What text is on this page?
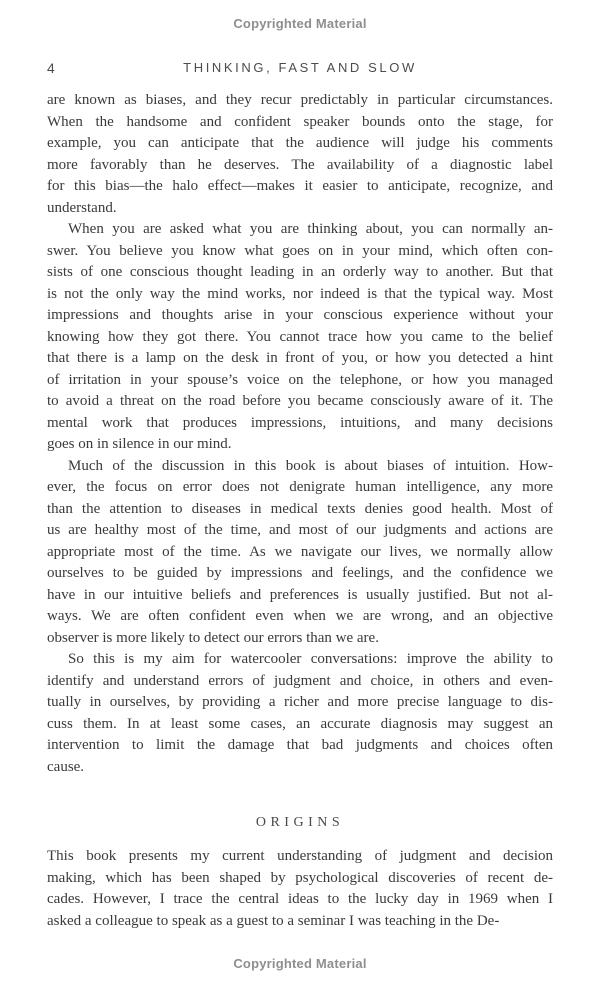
Copyrighted Material
4	THINKING, FAST AND SLOW

are known as biases, and they recur predictably in particular circumstances.
When the handsome and confident speaker bounds onto the stage, for
example, you can anticipate that the audience will judge his comments
more favorably than he deserves. The availability of a diagnostic label
for this bias—the halo effect—makes it easier to anticipate, recognize, and
understand.

When you are asked what you are thinking about, you can normally an-
swer. You believe you know what goes on in your mind, which often con-
sists of one conscious thought leading in an orderly way to another. But that
is not the only way the mind works, nor indeed is that the typical way. Most
impressions and thoughts arise in your conscious experience without your
knowing how they got there. You cannot trace how you came to the belief
that there is a lamp on the desk in front of you, or how you detected a hint
of irritation in your spouse’s voice on the telephone, or how you managed
to avoid a threat on the road before you became consciously aware of it. The
mental work that produces impressions, intuitions, and many decisions
goes on in silence in our mind.

Much of the discussion in this book is about biases of intuition. How-
ever, the focus on error does not denigrate human intelligence, any more
than the attention to diseases in medical texts denies good health. Most of
us are healthy most of the time, and most of our judgments and actions are
appropriate most of the time. As we navigate our lives, we normally allow
ourselves to be guided by impressions and feelings, and the confidence we
have in our intuitive beliefs and preferences is usually justified. But not al-
ways. We are often confident even when we are wrong, and an objective
observer is more likely to detect our errors than we are.

So this is my aim for watercooler conversations: improve the ability to
identify and understand errors of judgment and choice, in others and even-
tually in ourselves, by providing a richer and more precise language to dis-
cuss them. In at least some cases, an accurate diagnosis may suggest an
intervention to limit the damage that bad judgments and choices often
cause.

ORIGINS

This book presents my current understanding of judgment and decision
making, which has been shaped by psychological discoveries of recent de-
cades. However, I trace the central ideas to the lucky day in 1969 when I
asked a colleague to speak as a guest to a seminar I was teaching in the De-

Copyrighted Material
